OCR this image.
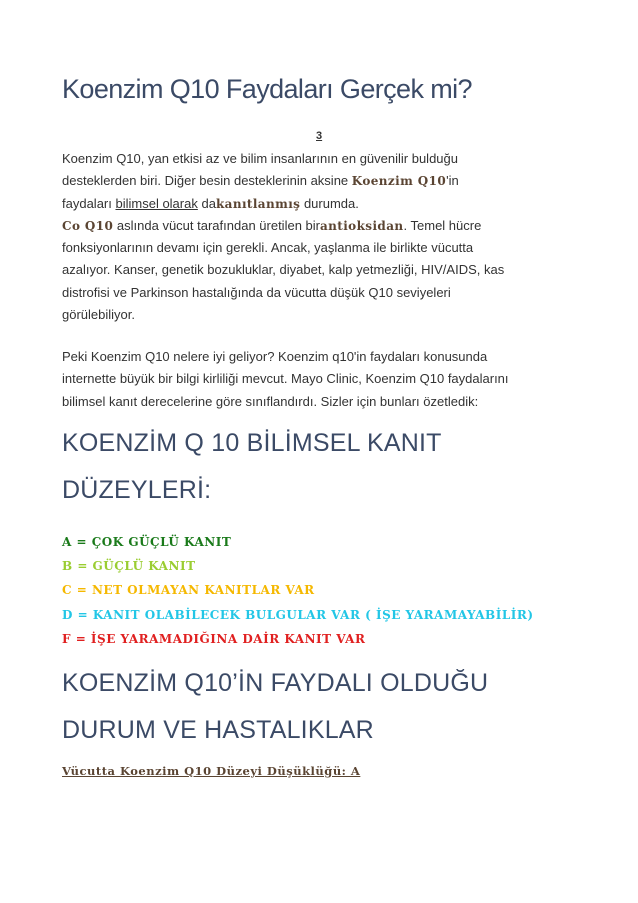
Koenzim Q10 Faydaları Gerçek mi?
3

Koenzim Q10, yan etkisi az ve bilim insanlarının en güvenilir bulduğu

desteklerden biri. Diğer besin desteklerinin aksine Koenzim Q10'in

faydaları bilimsel olarak dakanıtlanmış durumda.

Co Q10 aslında vücut tarafından üretilen birantioksidan. Temel hücre

fonksiyonlarının devamı için gerekli. Ancak, yaşlanma ile birlikte vücutta

azalıyor. Kanser, genetik bozukluklar, diyabet, kalp yetmezliği, HIV/AIDS, kas

distrofisi ve Parkinson hastalığında da vücutta düşük Q10 seviyeleri

görülebiliyor.

Peki Koenzim Q10 nelere iyi geliyor? Koenzim q10'in faydaları konusunda

internette büyük bir bilgi kirliliği mevcut. Mayo Clinic, Koenzim Q10 faydalarını

bilimsel kanıt derecelerine göre sınıflandırdı. Sizler için bunları özetledik:

KOENZİM Q 10 BİLİMSEL KANIT
DÜZEYLERİ:
A = ÇOK GÜÇLÜ KANIT
B = GÜÇLÜ KANIT
C = NET OLMAYAN KANITLAR VAR
D = KANIT OLABİLECEK BULGULAR VAR ( İŞE YARAMAYABİLİR)
F = İŞE YARAMADIĞINA DAİR KANIT VAR
KOENZİM Q10’İN FAYDALI OLDUĞU
DURUM VE HASTALIKLAR
Vücutta Koenzim Q10 Düzeyi Düşüklüğü: A
